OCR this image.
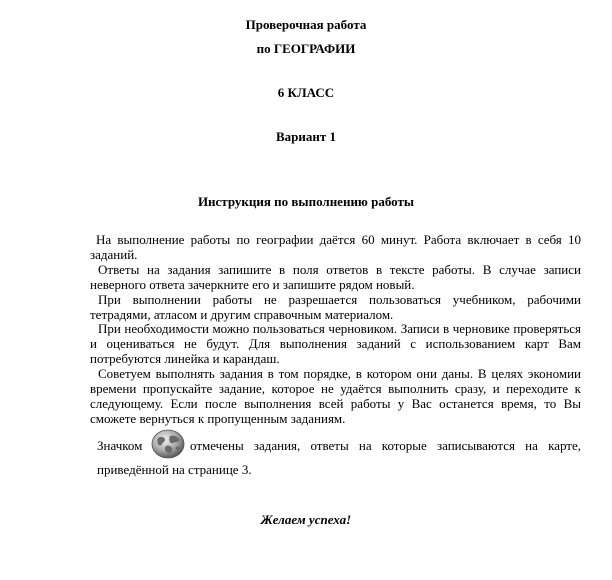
Проверочная работа
по ГЕОГРАФИИ
6 КЛАСС
Вариант 1
Инструкция по выполнению работы
На выполнение работы по географии даётся 60 минут. Работа включает в себя 10 заданий.
Ответы на задания запишите в поля ответов в тексте работы. В случае записи неверного ответа зачеркните его и запишите рядом новый.
При выполнении работы не разрешается пользоваться учебником, рабочими тетрадями, атласом и другим справочным материалом.
При необходимости можно пользоваться черновиком. Записи в черновике проверяться и оцениваться не будут. Для выполнения заданий с использованием карт Вам потребуются линейка и карандаш.
Советуем выполнять задания в том порядке, в котором они даны. В целях экономии времени пропускайте задание, которое не удаётся выполнить сразу, и переходите к следующему. Если после выполнения всей работы у Вас останется время, то Вы сможете вернуться к пропущенным заданиям.
Значком	отмечены задания, ответы на которые записываются на карте,
приведённой на странице 3.
Желаем успеха!
